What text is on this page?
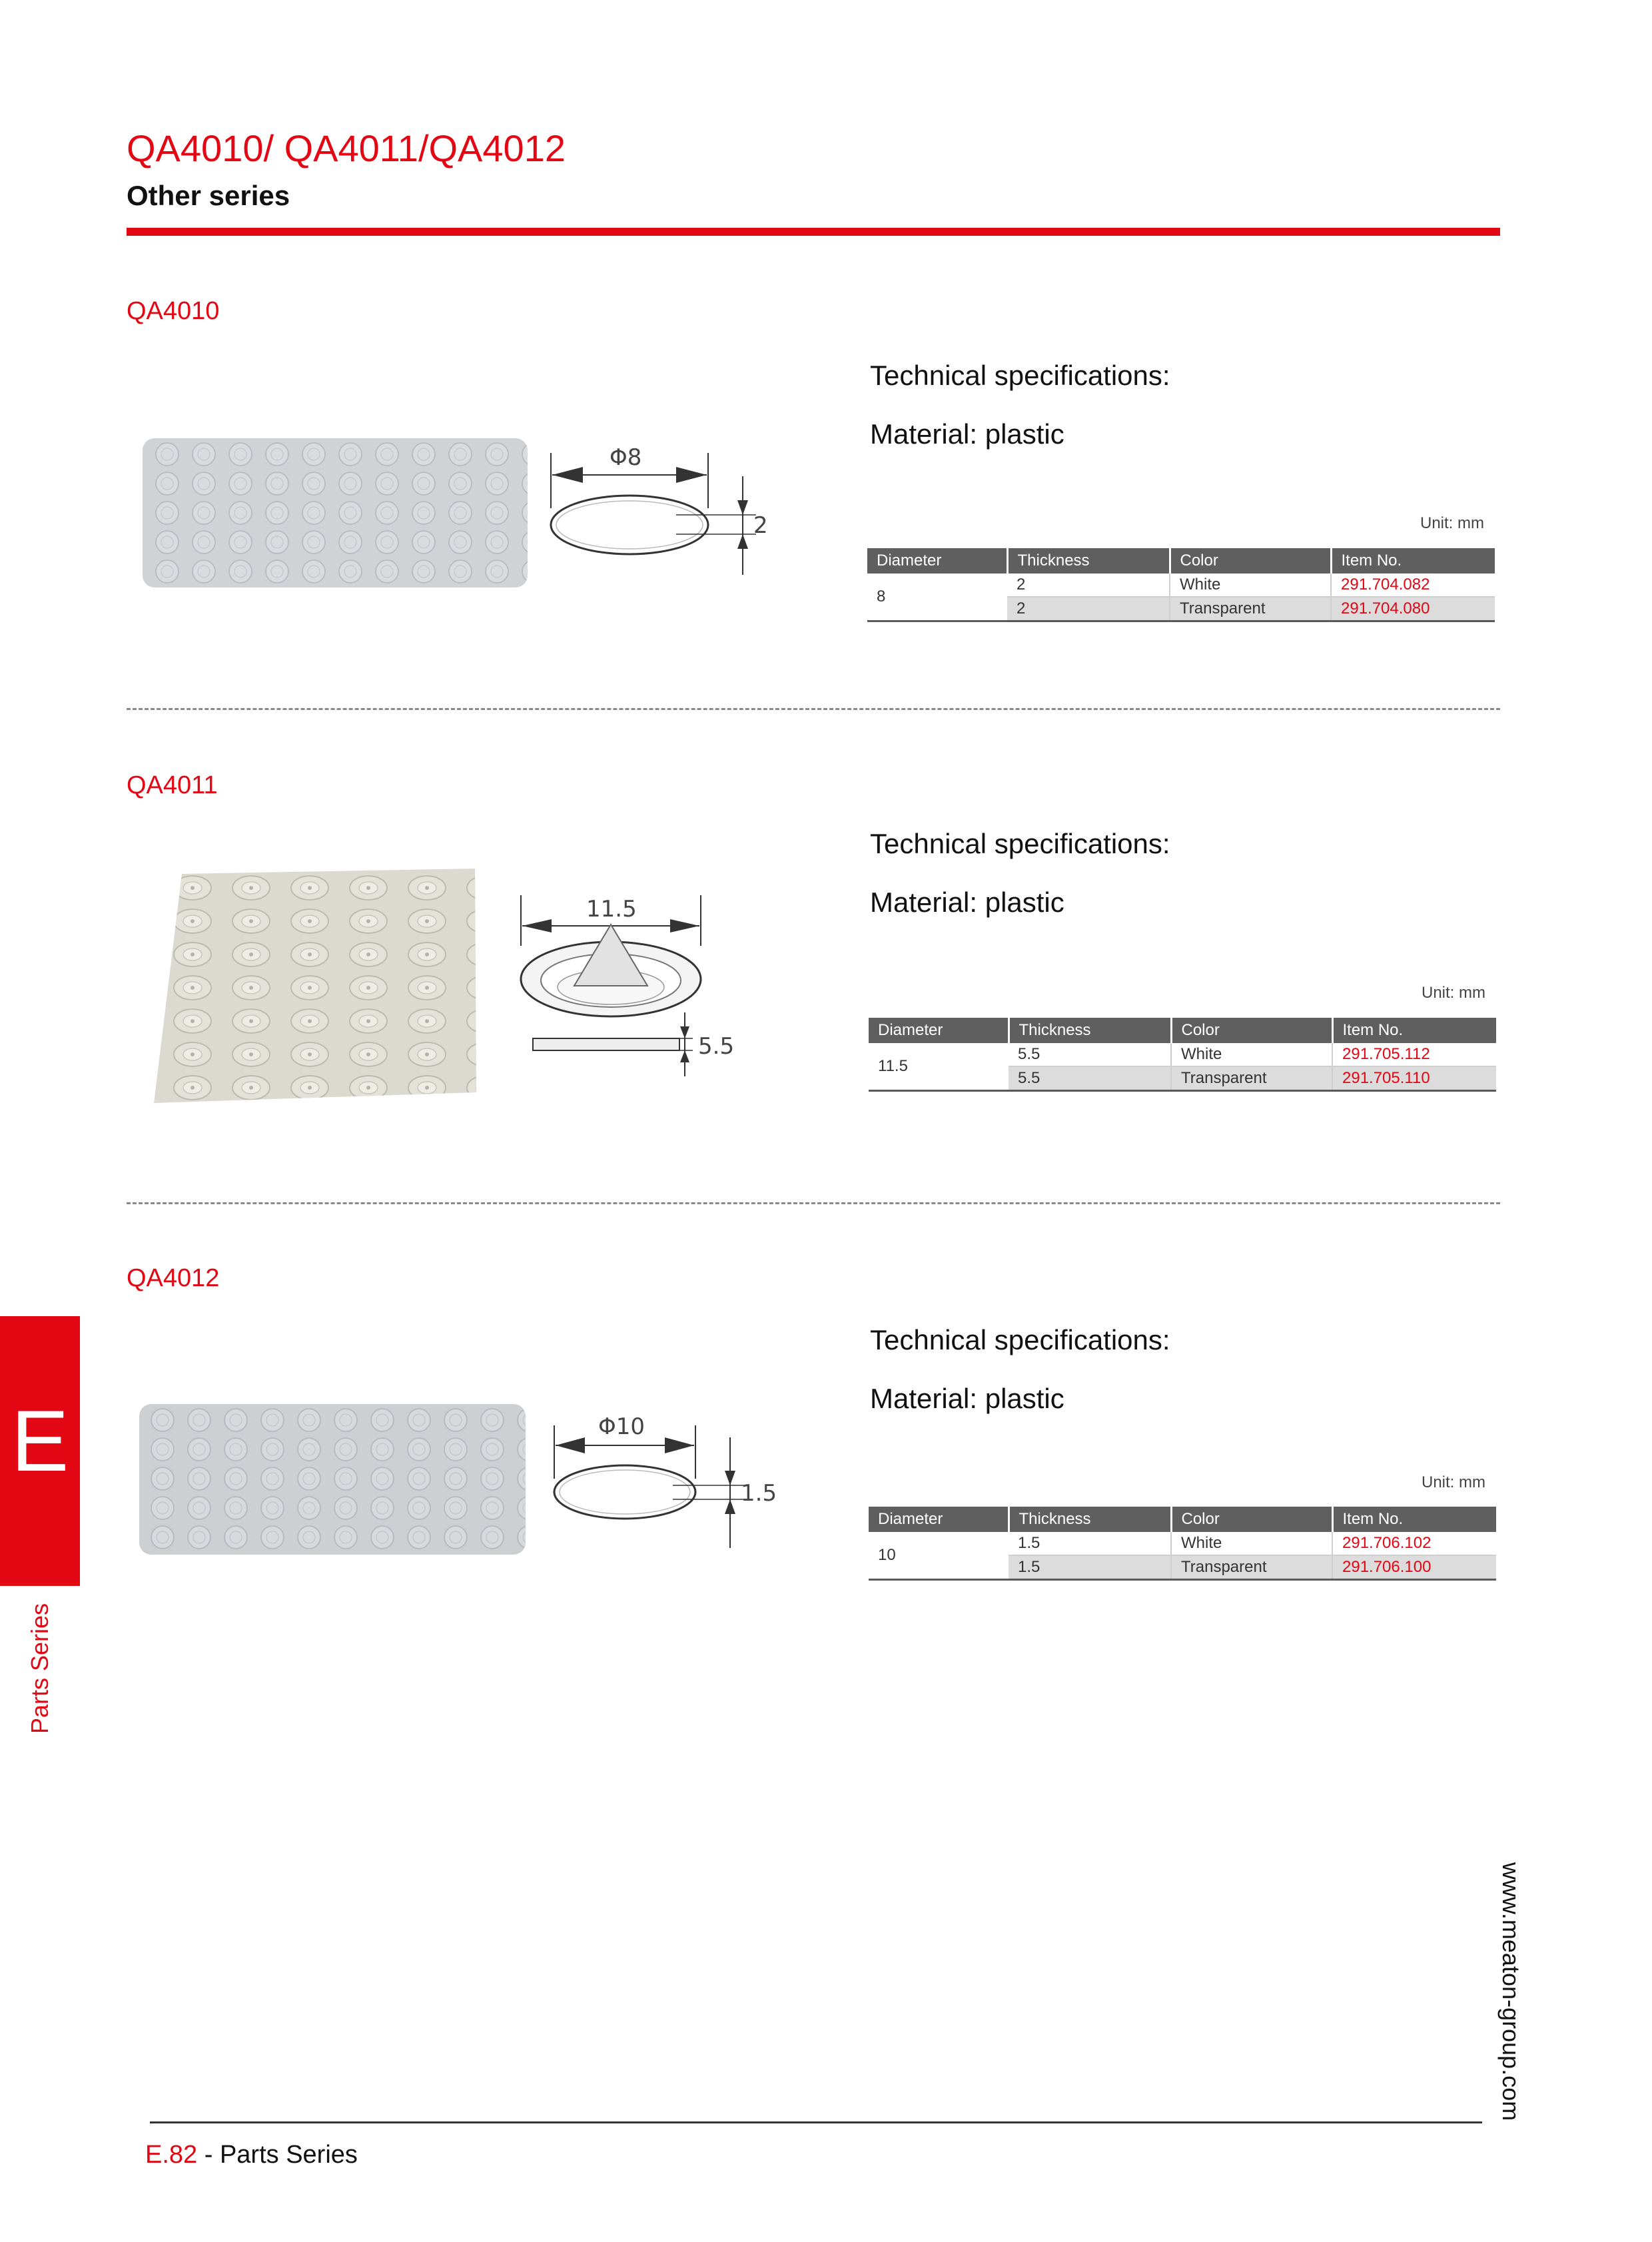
QA4010/ QA4011/QA4012
Other series
QA4010
Φ8
2
Technical specifications:
Material: plastic
Unit: mm
Diameter	Thickness	Color	Item No.
8	2	White	291.704.082
	2	Transparent	291.704.080
QA4011
11.5
5.5
Technical specifications:
Material: plastic
Unit: mm
Diameter	Thickness	Color	Item No.
11.5	5.5	White	291.705.112
	5.5	Transparent	291.705.110
QA4012
Φ10
1.5
Technical specifications:
Material: plastic
Unit: mm
Diameter	Thickness	Color	Item No.
10	1.5	White	291.706.102
	1.5	Transparent	291.706.100
E
Parts Series
www.meaton-group.com
E.82 - Parts Series
